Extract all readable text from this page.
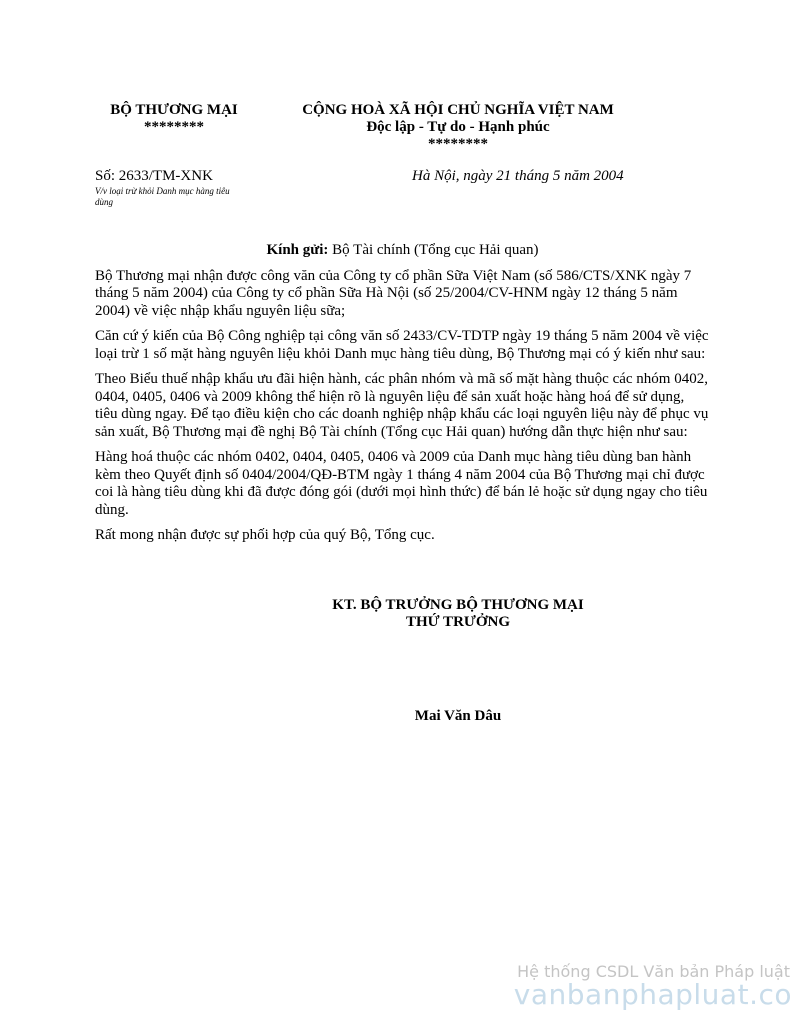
BỘ THƯƠNG MẠI
********
CỘNG HOÀ XÃ HỘI CHỦ NGHĨA VIỆT NAM
Độc lập - Tự do - Hạnh phúc
********
Số: 2633/TM-XNK
V/v loại trừ khỏi Danh mục hàng tiêu dùng
Hà Nội, ngày 21 tháng 5 năm 2004
Kính gửi: Bộ Tài chính (Tổng cục Hải quan)

Bộ Thương mại nhận được công văn của Công ty cổ phần Sữa Việt Nam (số 586/CTS/XNK ngày 7 tháng 5 năm 2004) của Công ty cổ phần Sữa Hà Nội (số 25/2004/CV-HNM ngày 12 tháng 5 năm 2004) về việc nhập khẩu nguyên liệu sữa;

Căn cứ ý kiến của Bộ Công nghiệp tại công văn số 2433/CV-TDTP ngày 19 tháng 5 năm 2004 về việc loại trừ 1 số mặt hàng nguyên liệu khỏi Danh mục hàng tiêu dùng, Bộ Thương mại có ý kiến như sau:

Theo Biểu thuế nhập khẩu ưu đãi hiện hành, các phân nhóm và mã số mặt hàng thuộc các nhóm 0402, 0404, 0405, 0406 và 2009 không thể hiện rõ là nguyên liệu để sản xuất hoặc hàng hoá để sử dụng, tiêu dùng ngay. Để tạo điều kiện cho các doanh nghiệp nhập khẩu các loại nguyên liệu này để phục vụ sản xuất, Bộ Thương mại đề nghị Bộ Tài chính (Tổng cục Hải quan) hướng dẫn thực hiện như sau:

Hàng hoá thuộc các nhóm 0402, 0404, 0405, 0406 và 2009 của Danh mục hàng tiêu dùng ban hành kèm theo Quyết định số 0404/2004/QĐ-BTM ngày 1 tháng 4 năm 2004 của Bộ Thương mại chỉ được coi là hàng tiêu dùng khi đã được đóng gói (dưới mọi hình thức) để bán lẻ hoặc sử dụng ngay cho tiêu dùng.

Rất mong nhận được sự phối hợp của quý Bộ, Tổng cục.

KT. BỘ TRƯỞNG BỘ THƯƠNG MẠI
THỨ TRƯỞNG
Mai Văn Dâu
Hệ thống CSDL Văn bản Pháp luật
vanbanphapluat.co
